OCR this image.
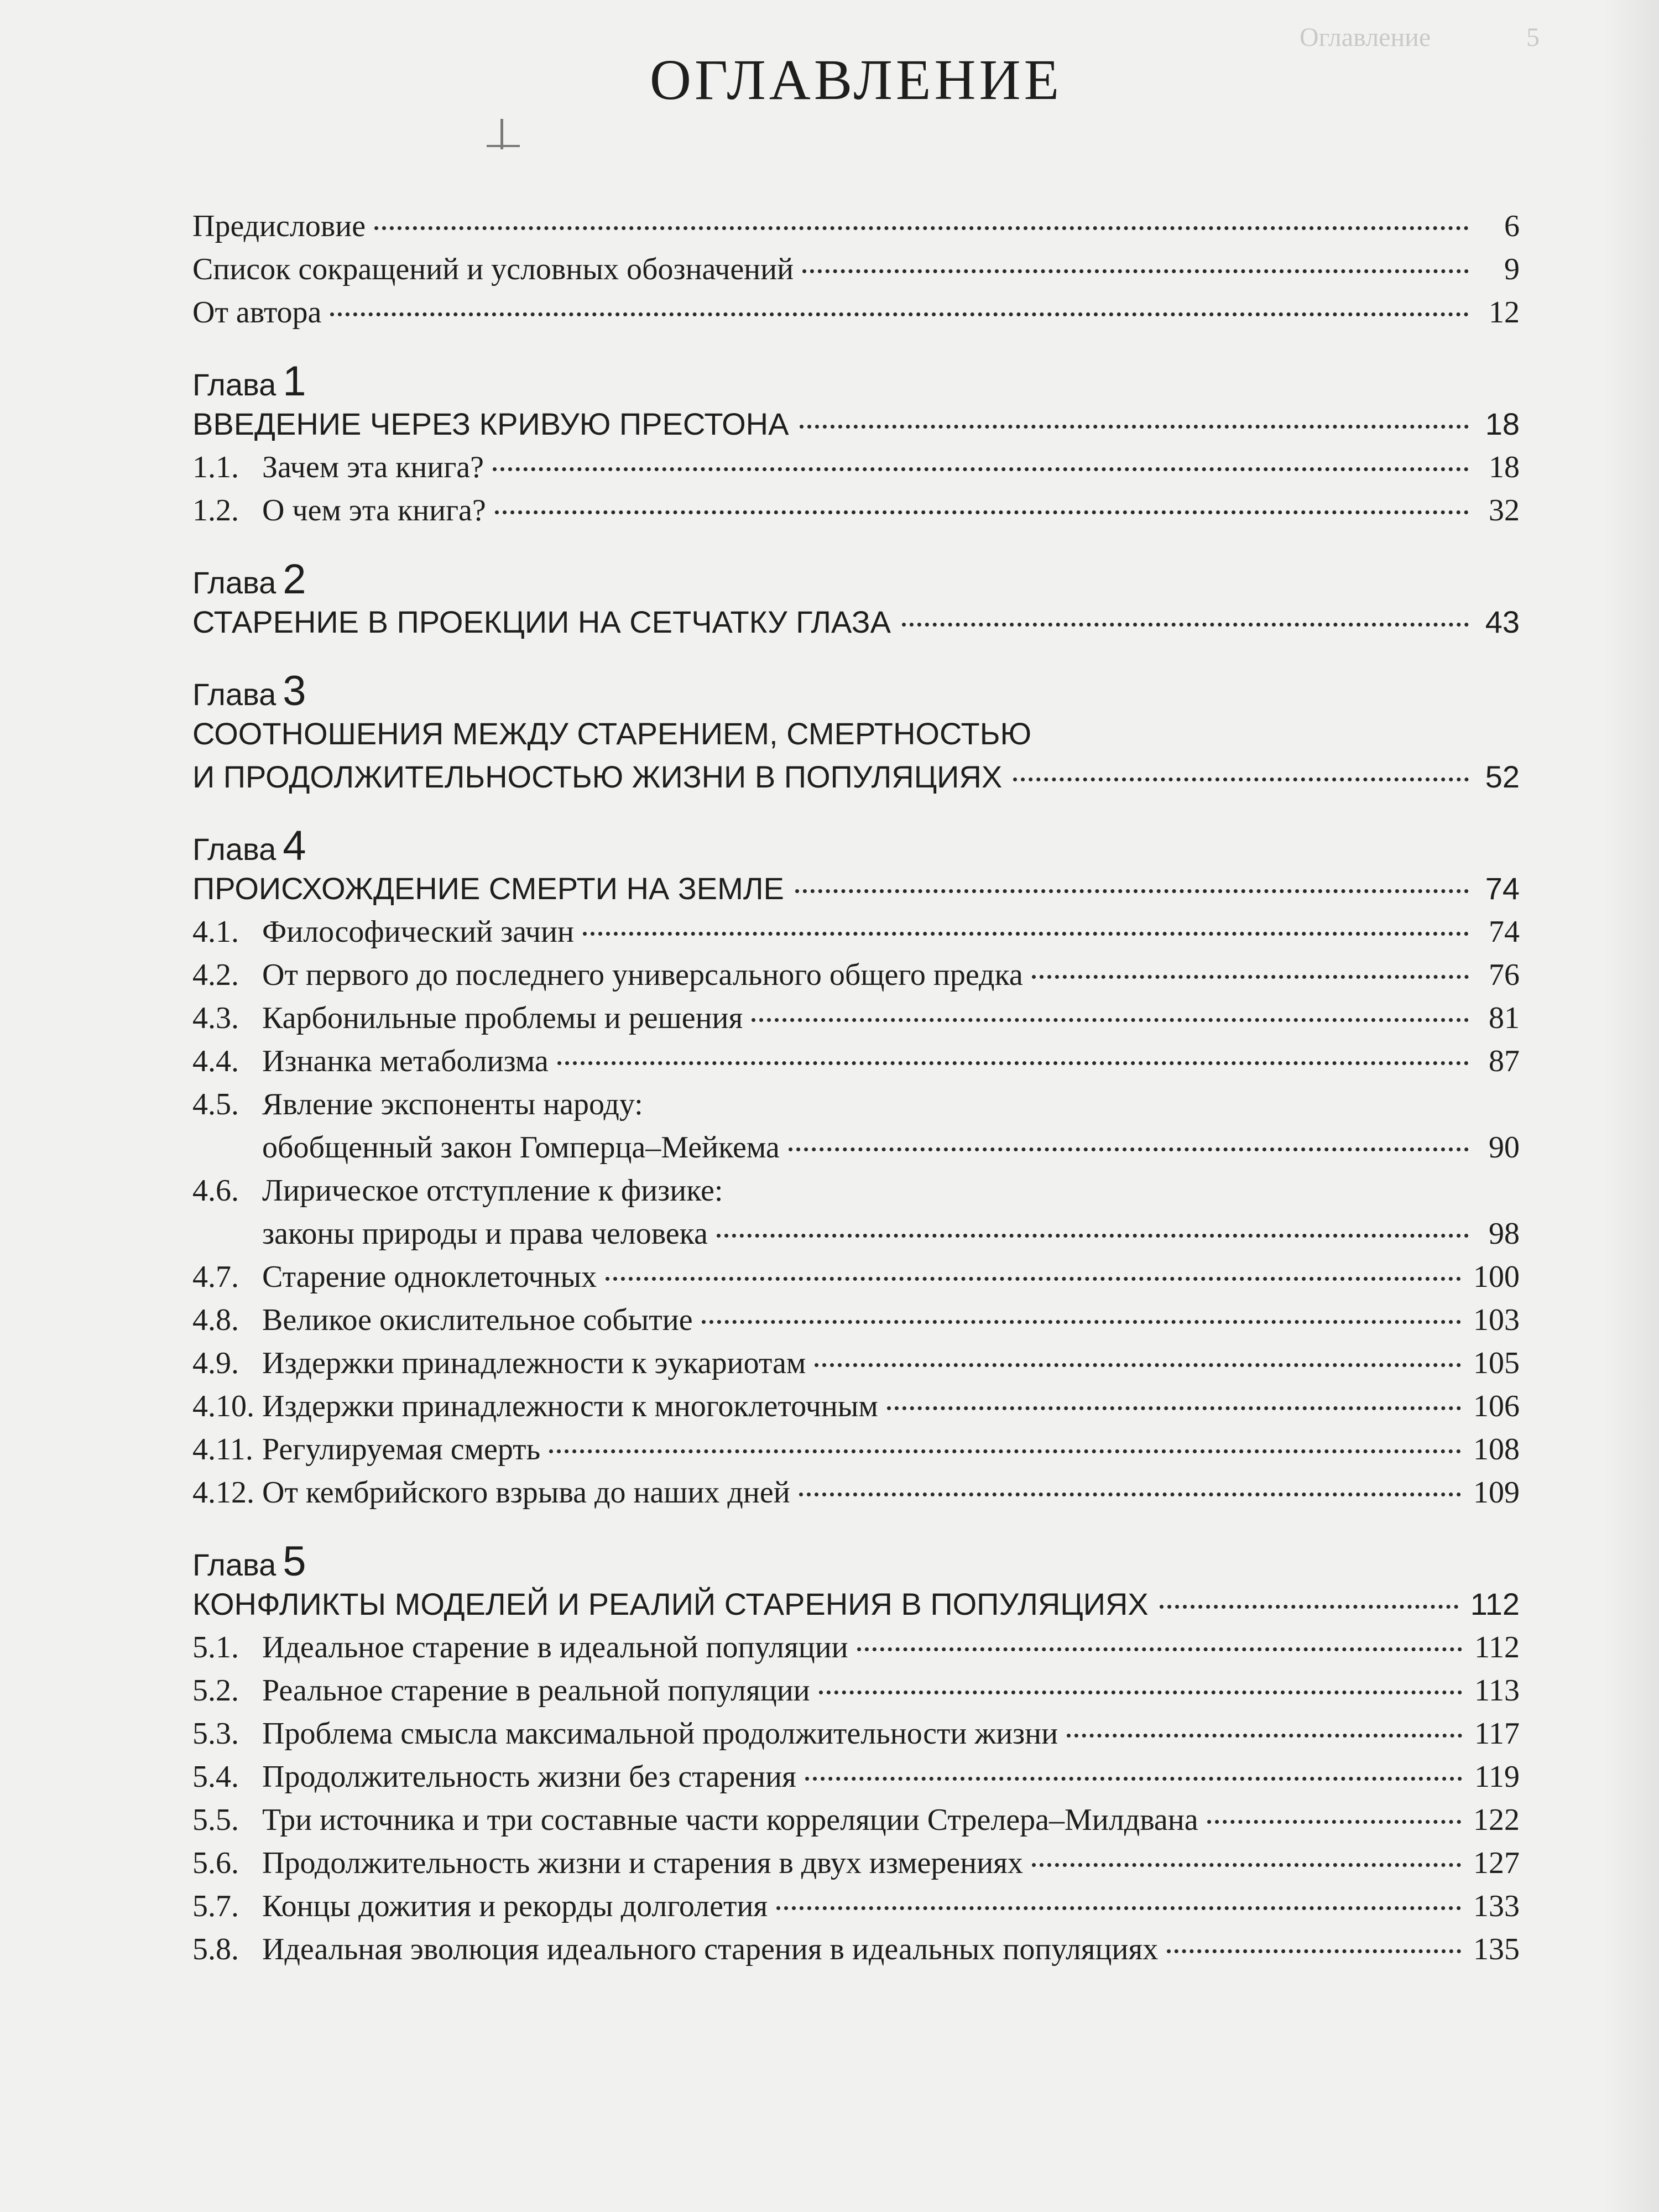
Оглавление	5
ОГЛАВЛЕНИЕ
Предисловие	6
Список сокращений и условных обозначений	9
От автора	12
Глава 1
ВВЕДЕНИЕ ЧЕРЕЗ КРИВУЮ ПРЕСТОНА	18
1.1. Зачем эта книга?	18
1.2. О чем эта книга?	32
Глава 2
СТАРЕНИЕ В ПРОЕКЦИИ НА СЕТЧАТКУ ГЛАЗА	43
Глава 3
СООТНОШЕНИЯ МЕЖДУ СТАРЕНИЕМ, СМЕРТНОСТЬЮ
И ПРОДОЛЖИТЕЛЬНОСТЬЮ ЖИЗНИ В ПОПУЛЯЦИЯХ	52
Глава 4
ПРОИСХОЖДЕНИЕ СМЕРТИ НА ЗЕМЛЕ	74
4.1. Философический зачин	74
4.2. От первого до последнего универсального общего предка	76
4.3. Карбонильные проблемы и решения	81
4.4. Изнанка метаболизма	87
4.5. Явление экспоненты народу:
обобщенный закон Гомперца–Мейкема	90
4.6. Лирическое отступление к физике:
законы природы и права человека	98
4.7. Старение одноклеточных	100
4.8. Великое окислительное событие	103
4.9. Издержки принадлежности к эукариотам	105
4.10. Издержки принадлежности к многоклеточным	106
4.11. Регулируемая смерть	108
4.12. От кембрийского взрыва до наших дней	109
Глава 5
КОНФЛИКТЫ МОДЕЛЕЙ И РЕАЛИЙ СТАРЕНИЯ В ПОПУЛЯЦИЯХ	112
5.1. Идеальное старение в идеальной популяции	112
5.2. Реальное старение в реальной популяции	113
5.3. Проблема смысла максимальной продолжительности жизни	117
5.4. Продолжительность жизни без старения	119
5.5. Три источника и три составные части корреляции Стрелера–Милдвана	122
5.6. Продолжительность жизни и старения в двух измерениях	127
5.7. Концы дожития и рекорды долголетия	133
5.8. Идеальная эволюция идеального старения в идеальных популяциях	135
